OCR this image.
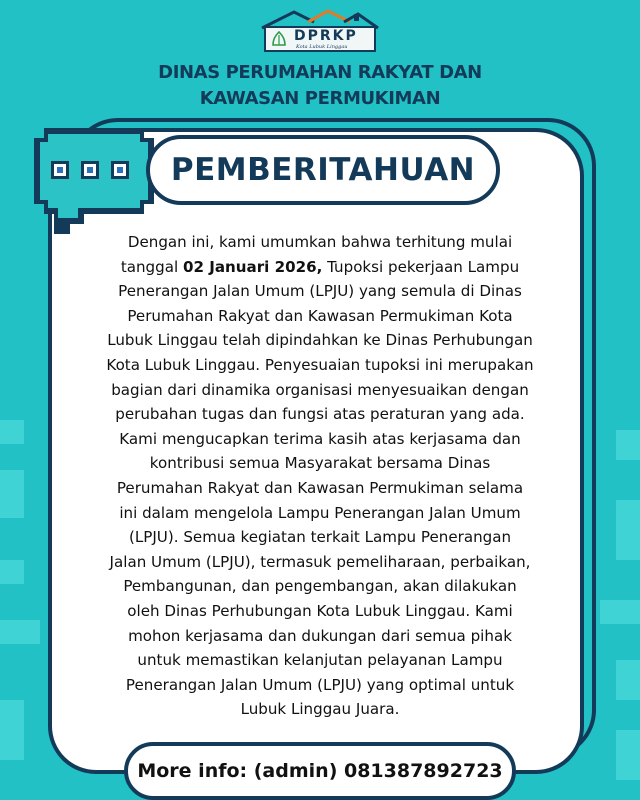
DPRKP
Kota Lubuk Linggau
DINAS PERUMAHAN RAKYAT DAN
KAWASAN PERMUKIMAN
PEMBERITAHUAN
Dengan ini, kami umumkan bahwa terhitung mulai
tanggal 02 Januari 2026, Tupoksi pekerjaan Lampu
Penerangan Jalan Umum (LPJU) yang semula di Dinas
Perumahan Rakyat dan Kawasan Permukiman Kota
Lubuk Linggau telah dipindahkan ke Dinas Perhubungan
Kota Lubuk Linggau. Penyesuaian tupoksi ini merupakan
bagian dari dinamika organisasi menyesuaikan dengan
perubahan tugas dan fungsi atas peraturan yang ada.
Kami mengucapkan terima kasih atas kerjasama dan
kontribusi semua Masyarakat bersama Dinas
Perumahan Rakyat dan Kawasan Permukiman selama
ini dalam mengelola Lampu Penerangan Jalan Umum
(LPJU). Semua kegiatan terkait Lampu Penerangan
Jalan Umum (LPJU), termasuk pemeliharaan, perbaikan,
Pembangunan, dan pengembangan, akan dilakukan
oleh Dinas Perhubungan Kota Lubuk Linggau. Kami
mohon kerjasama dan dukungan dari semua pihak
untuk memastikan kelanjutan pelayanan Lampu
Penerangan Jalan Umum (LPJU) yang optimal untuk
Lubuk Linggau Juara.
More info: (admin) 081387892723
